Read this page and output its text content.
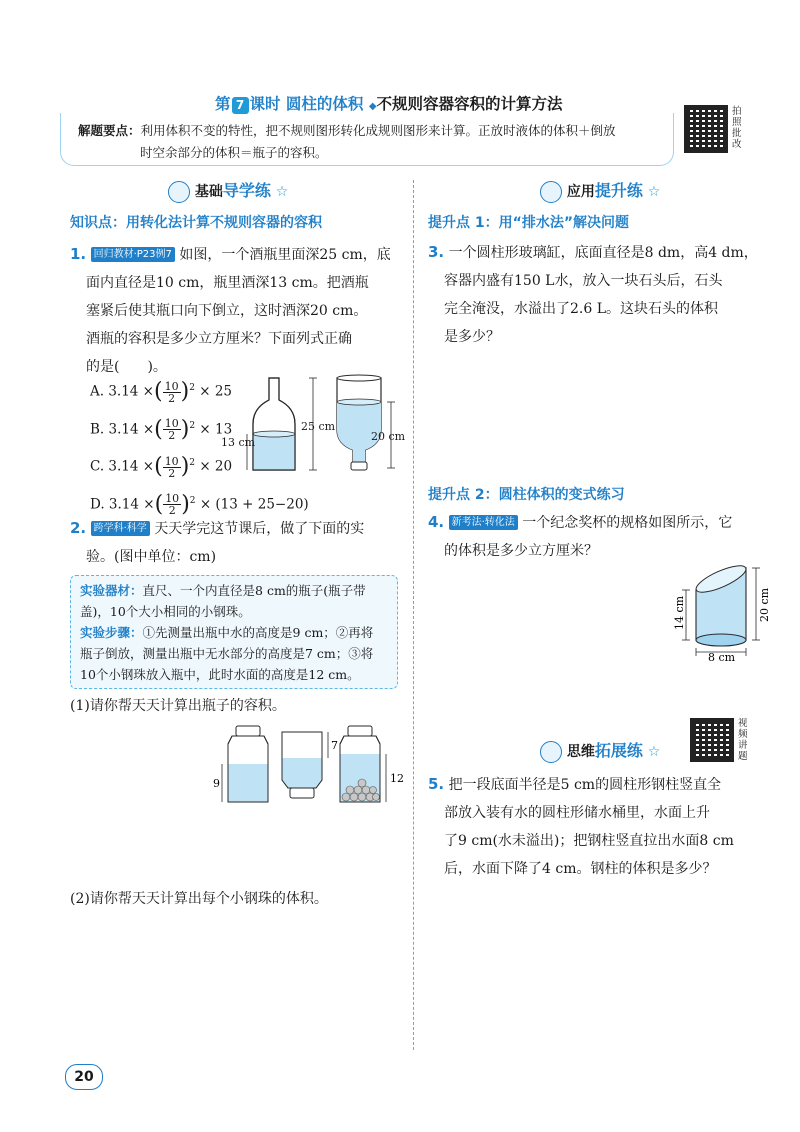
第 7 课时 圆柱的体积 ◆不规则容器容积的计算方法
解题要点：利用体积不变的特性，把不规则图形转化成规则图形来计算。正放时液体的体积＋倒放
时空余部分的体积＝瓶子的容积。
拍照批改
基础导学练 ☆
知识点：用转化法计算不规则容器的容积
1. 回归教材·P23例7 如图，一个酒瓶里面深25 cm，底
面内直径是10 cm，瓶里酒深13 cm。把酒瓶
塞紧后使其瓶口向下倒立，这时酒深20 cm。
酒瓶的容积是多少立方厘米？下面列式正确
的是(　　)。
A. 3.14 ×( $\frac{10}{2} )^2 \times 25$
B. 3.14 ×( $\frac{10}{2} )^2 \times 13$
C. 3.14 ×( $\frac{10}{2} )^2 \times 20$
D. 3.14 ×( $\frac{10}{2} )^2 \times (13 + 25-20)$
13 cm
25 cm
20 cm
2. 跨学科·科学 天天学完这节课后，做了下面的实
验。(图中单位：cm)
实验器材：直尺、一个内直径是8 cm的瓶子(瓶子带
盖)，10个大小相同的小钢珠。
实验步骤：①先测量出瓶中水的高度是9 cm；②再将
瓶子倒放，测量出瓶中无水部分的高度是7 cm；③将
10个小钢珠放入瓶中，此时水面的高度是12 cm。
(1)请你帮天天计算出瓶子的容积。
9
7
12
(2)请你帮天天计算出每个小钢珠的体积。
应用提升练 ☆
提升点 1：用“排水法”解决问题
3. 一个圆柱形玻璃缸，底面直径是8 dm，高4 dm，
容器内盛有150 L水，放入一块石头后，石头
完全淹没，水溢出了2.6 L。这块石头的体积
是多少？
提升点 2：圆柱体积的变式练习
4. 新考法·转化法 一个纪念奖杯的规格如图所示，它
的体积是多少立方厘米？
14 cm	20 cm
8 cm
思维拓展练 ☆
视频讲题
5. 把一段底面半径是5 cm的圆柱形钢柱竖直全
部放入装有水的圆柱形储水桶里，水面上升
了9 cm(水未溢出)；把钢柱竖直拉出水面8 cm
后，水面下降了4 cm。钢柱的体积是多少？
20
